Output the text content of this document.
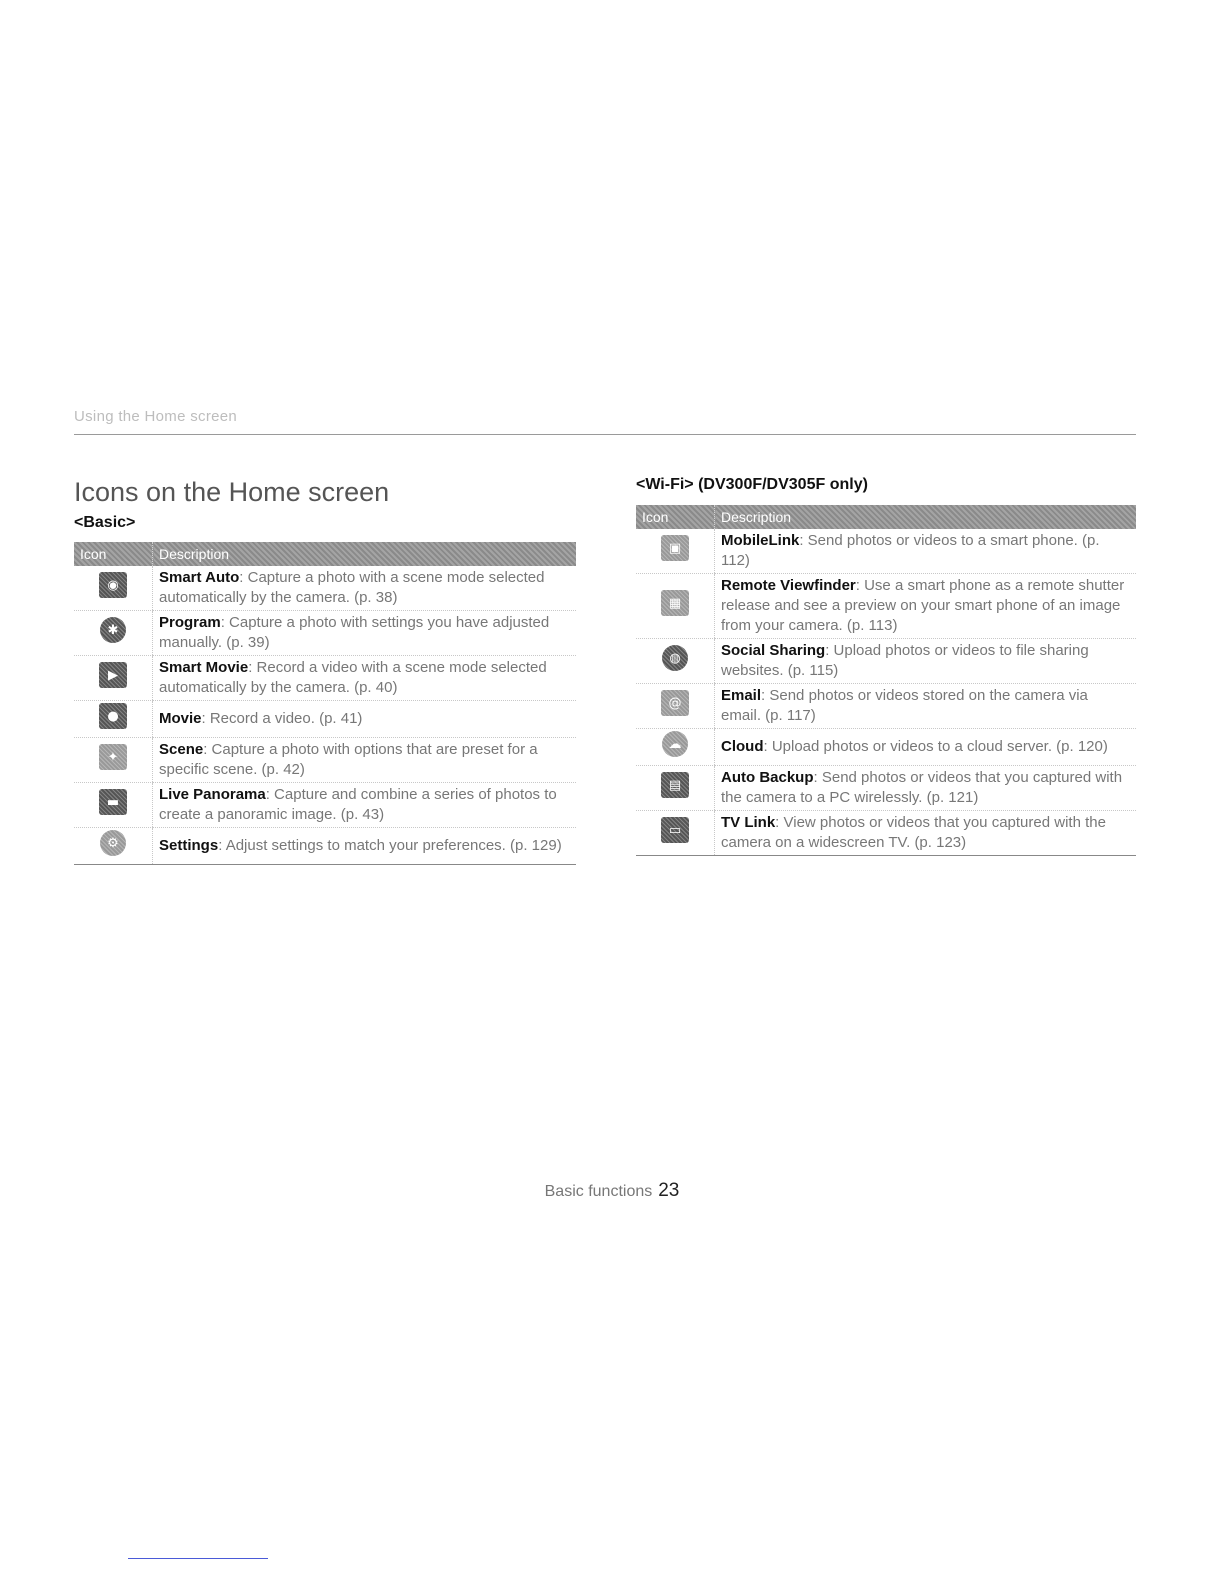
Using the Home screen
Icons on the Home screen
<Basic>
Icon	Description

◉	Smart Auto: Capture a photo with a scene mode selected automatically by the camera. (p. 38)

✱	Program: Capture a photo with settings you have adjusted manually. (p. 39)

▶	Smart Movie: Record a video with a scene mode selected automatically by the camera. (p. 40)

●	Movie: Record a video. (p. 41)

✦	Scene: Capture a photo with options that are preset for a specific scene. (p. 42)

▬	Live Panorama: Capture and combine a series of photos to create a panoramic image. (p. 43)

⚙	Settings: Adjust settings to match your preferences. (p. 129)
<Wi-Fi> (DV300F/DV305F only)
Icon	Description

▣	MobileLink: Send photos or videos to a smart phone. (p. 112)

▦	Remote Viewfinder: Use a smart phone as a remote shutter release and see a preview on your smart phone of an image from your camera. (p. 113)

◍	Social Sharing: Upload photos or videos to file sharing websites. (p. 115)

@	Email: Send photos or videos stored on the camera via email. (p. 117)

☁	Cloud: Upload photos or videos to a cloud server. (p. 120)

▤	Auto Backup: Send photos or videos that you captured with the camera to a PC wirelessly. (p. 121)

▭	TV Link: View photos or videos that you captured with the camera on a widescreen TV. (p. 123)
Basic functions 23
